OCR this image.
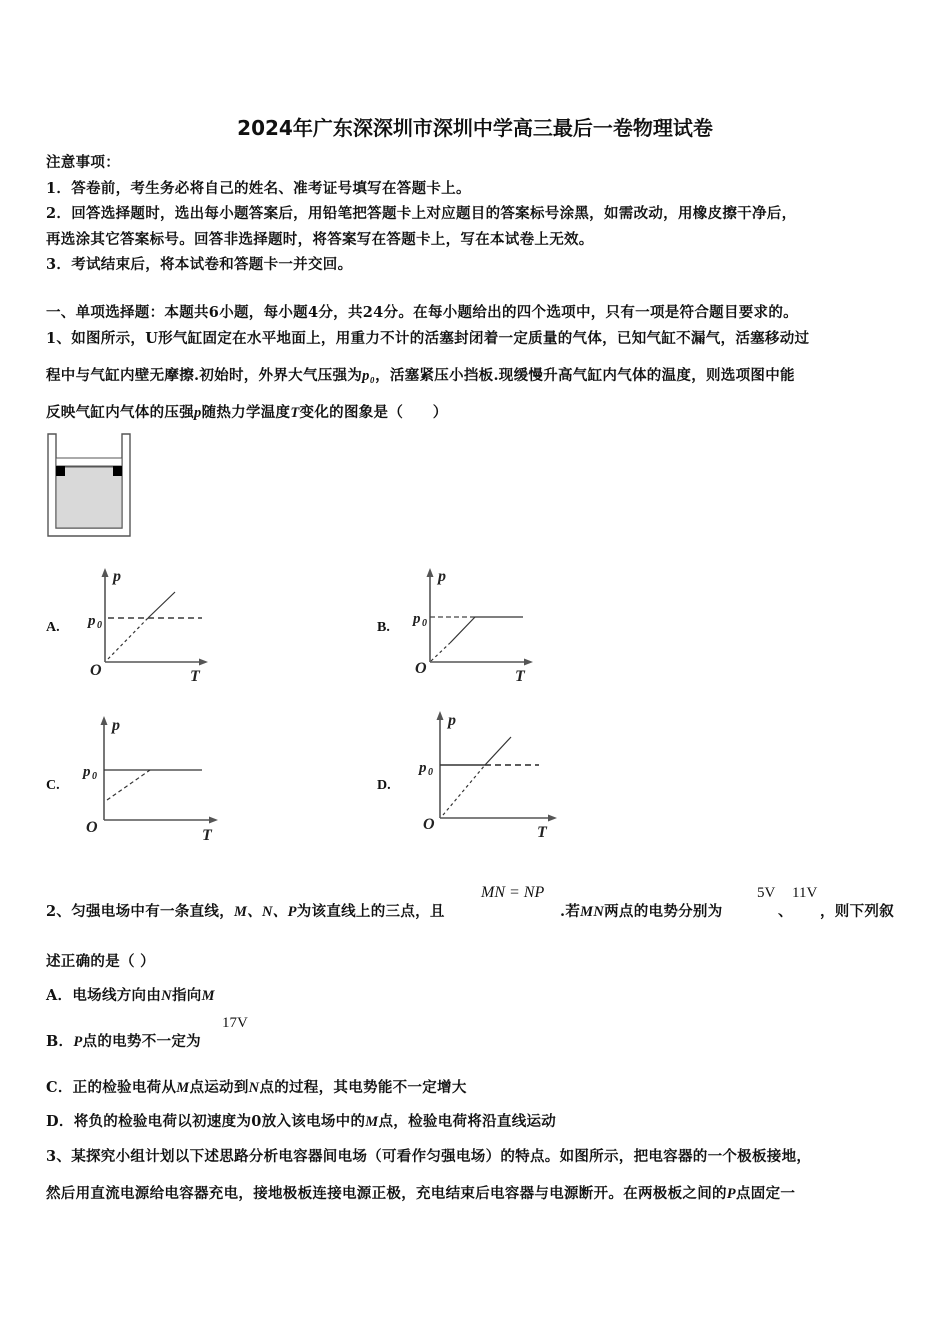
2024年广东深深圳市深圳中学高三最后一卷物理试卷
注意事项：
1．答卷前，考生务必将自己的姓名、准考证号填写在答题卡上。
2．回答选择题时，选出每小题答案后，用铅笔把答题卡上对应题目的答案标号涂黑，如需改动，用橡皮擦干净后，
再选涂其它答案标号。回答非选择题时，将答案写在答题卡上，写在本试卷上无效。
3．考试结束后，将本试卷和答题卡一并交回。
一、单项选择题：本题共6小题，每小题4分，共24分。在每小题给出的四个选项中，只有一项是符合题目要求的。
1、如图所示，U形气缸固定在水平地面上，用重力不计的活塞封闭着一定质量的气体，已知气缸不漏气，活塞移动过
程中与气缸内壁无摩擦.初始时，外界大气压强为p₀，活塞紧压小挡板.现缓慢升高气缸内气体的温度，则选项图中能
反映气缸内气体的压强p随热力学温度T变化的图象是（　　）
A.
p
p 0
O	T
B.
p
p 0
O	T
C.
p
p 0
O	T
D.
p
p 0
O	T
2、匀强电场中有一条直线，M、N、P为该直线上的三点，且
MN = NP
.若MN两点的电势分别为
5V
、
11V
，则下列叙
述正确的是（ ）
A．电场线方向由N指向M
B．P点的电势不一定为
17V
C．正的检验电荷从M点运动到N点的过程，其电势能不一定增大
D．将负的检验电荷以初速度为0放入该电场中的M点，检验电荷将沿直线运动
3、某探究小组计划以下述思路分析电容器间电场（可看作匀强电场）的特点。如图所示，把电容器的一个极板接地，
然后用直流电源给电容器充电，接地极板连接电源正极，充电结束后电容器与电源断开。在两极板之间的P点固定一
